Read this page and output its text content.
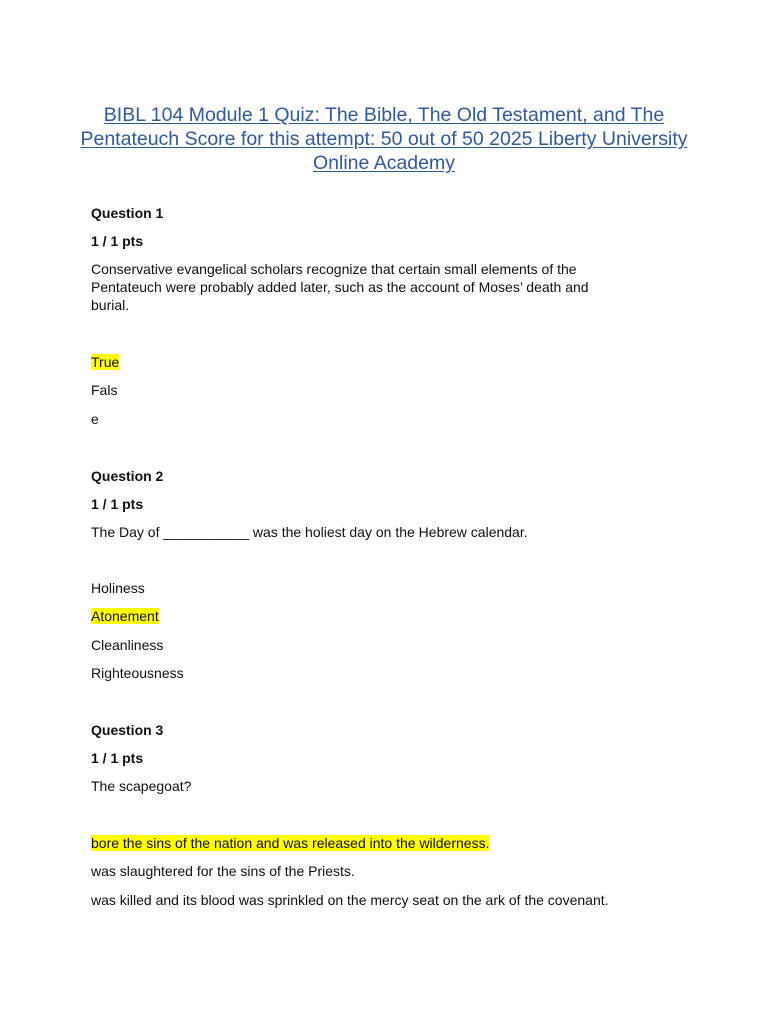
BIBL 104 Module 1 Quiz: The Bible, The Old Testament, and The Pentateuch Score for this attempt: 50 out of 50 2025 Liberty University Online Academy
Question 1
1 / 1 pts
Conservative evangelical scholars recognize that certain small elements of the
Pentateuch were probably added later, such as the account of Moses’ death and
burial.
True
Fals
e
Question 2
1 / 1 pts
The Day of ___________ was the holiest day on the Hebrew calendar.
Holiness
Atonement
Cleanliness
Righteousness
Question 3
1 / 1 pts
The scapegoat?
bore the sins of the nation and was released into the wilderness.
was slaughtered for the sins of the Priests.
was killed and its blood was sprinkled on the mercy seat on the ark of the covenant.
